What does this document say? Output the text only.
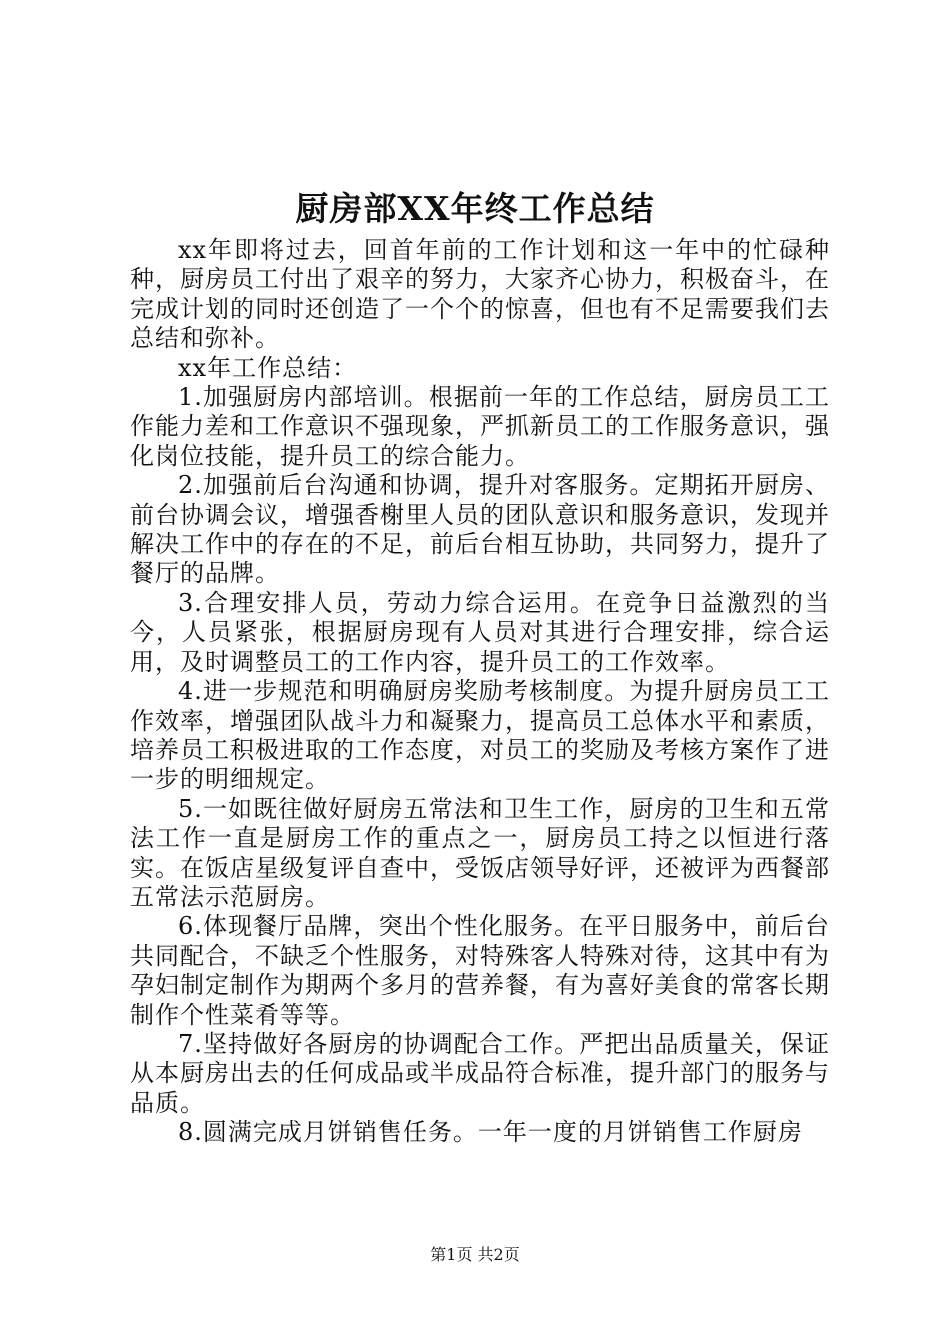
厨房部XX年终工作总结

xx年即将过去，回首年前的工作计划和这一年中的忙碌种种，厨房员工付出了艰辛的努力，大家齐心协力，积极奋斗，在完成计划的同时还创造了一个个的惊喜，但也有不足需要我们去总结和弥补。

xx年工作总结：

1.加强厨房内部培训。根据前一年的工作总结，厨房员工工作能力差和工作意识不强现象，严抓新员工的工作服务意识，强化岗位技能，提升员工的综合能力。

2.加强前后台沟通和协调，提升对客服务。定期拓开厨房、前台协调会议，增强香榭里人员的团队意识和服务意识，发现并解决工作中的存在的不足，前后台相互协助，共同努力，提升了餐厅的品牌。

3.合理安排人员，劳动力综合运用。在竞争日益激烈的当今，人员紧张，根据厨房现有人员对其进行合理安排，综合运用，及时调整员工的工作内容，提升员工的工作效率。

4.进一步规范和明确厨房奖励考核制度。为提升厨房员工工作效率，增强团队战斗力和凝聚力，提高员工总体水平和素质，培养员工积极进取的工作态度，对员工的奖励及考核方案作了进一步的明细规定。

5.一如既往做好厨房五常法和卫生工作，厨房的卫生和五常法工作一直是厨房工作的重点之一，厨房员工持之以恒进行落实。在饭店星级复评自查中，受饭店领导好评，还被评为西餐部五常法示范厨房。

6.体现餐厅品牌，突出个性化服务。在平日服务中，前后台共同配合，不缺乏个性服务，对特殊客人特殊对待，这其中有为孕妇制定制作为期两个多月的营养餐，有为喜好美食的常客长期制作个性菜肴等等。

7.坚持做好各厨房的协调配合工作。严把出品质量关，保证从本厨房出去的任何成品或半成品符合标准，提升部门的服务与品质。

8.圆满完成月饼销售任务。一年一度的月饼销售工作厨房

第1页 共2页
